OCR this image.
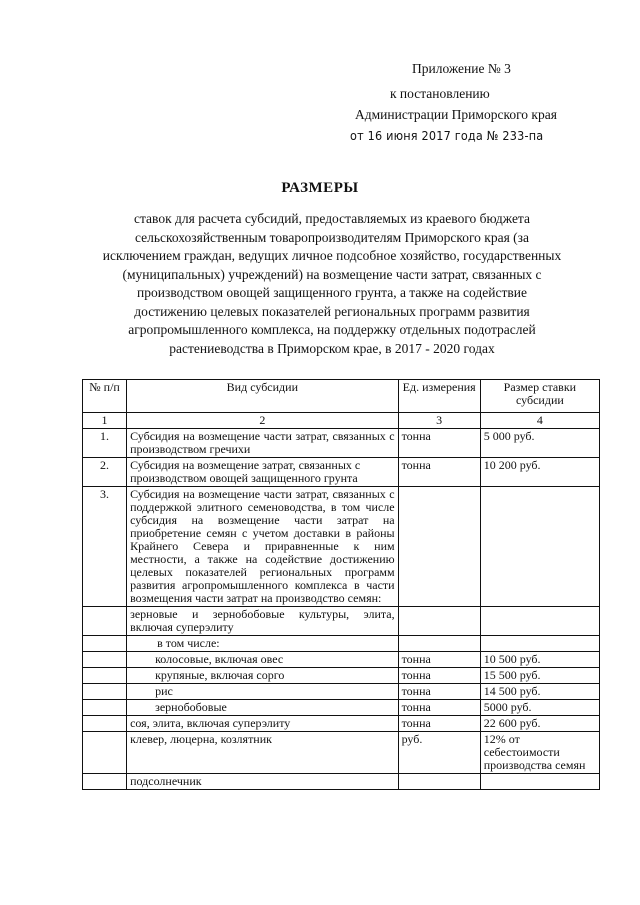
Приложение № 3
к постановлению
Администрации Приморского края
от 16 июня 2017 года № 233-па
РАЗМЕРЫ
ставок для расчета субсидий, предоставляемых из краевого бюджета
сельскохозяйственным товаропроизводителям Приморского края (за
исключением граждан, ведущих личное подсобное хозяйство, государственных
(муниципальных) учреждений) на возмещение части затрат, связанных с
производством овощей защищенного грунта, а также на содействие
достижению целевых показателей региональных программ развития
агропромышленного комплекса, на поддержку отдельных подотраслей
растениеводства в Приморском крае, в 2017 - 2020 годах
№ п/п	Вид субсидии	Ед. измерения	Размер ставки субсидии
1	2	3	4
1.	Субсидия на возмещение части затрат, связанных с производством гречихи	тонна	5 000 руб.
2.	Субсидия на возмещение затрат, связанных с производством овощей защищенного грунта	тонна	10 200 руб.
3.	Субсидия на возмещение части затрат, связанных с поддержкой элитного семеноводства, в том числе субсидия на возмещение части затрат на приобретение семян с учетом доставки в районы Крайнего Севера и приравненные к ним местности, а также на содействие достижению целевых показателей региональных программ развития агропромышленного комплекса в части возмещения части затрат на производство семян:		
	зерновые и зернобобовые культуры, элита, включая суперэлиту		
	в том числе:		
	колосовые, включая овес	тонна	10 500 руб.
	крупяные, включая сорго	тонна	15 500 руб.
	рис	тонна	14 500 руб.
	зернобобовые	тонна	5000 руб.
	соя, элита, включая суперэлиту	тонна	22 600 руб.
	клевер, люцерна, козлятник	руб.	12% от себестоимости производства семян
	подсолнечник		
